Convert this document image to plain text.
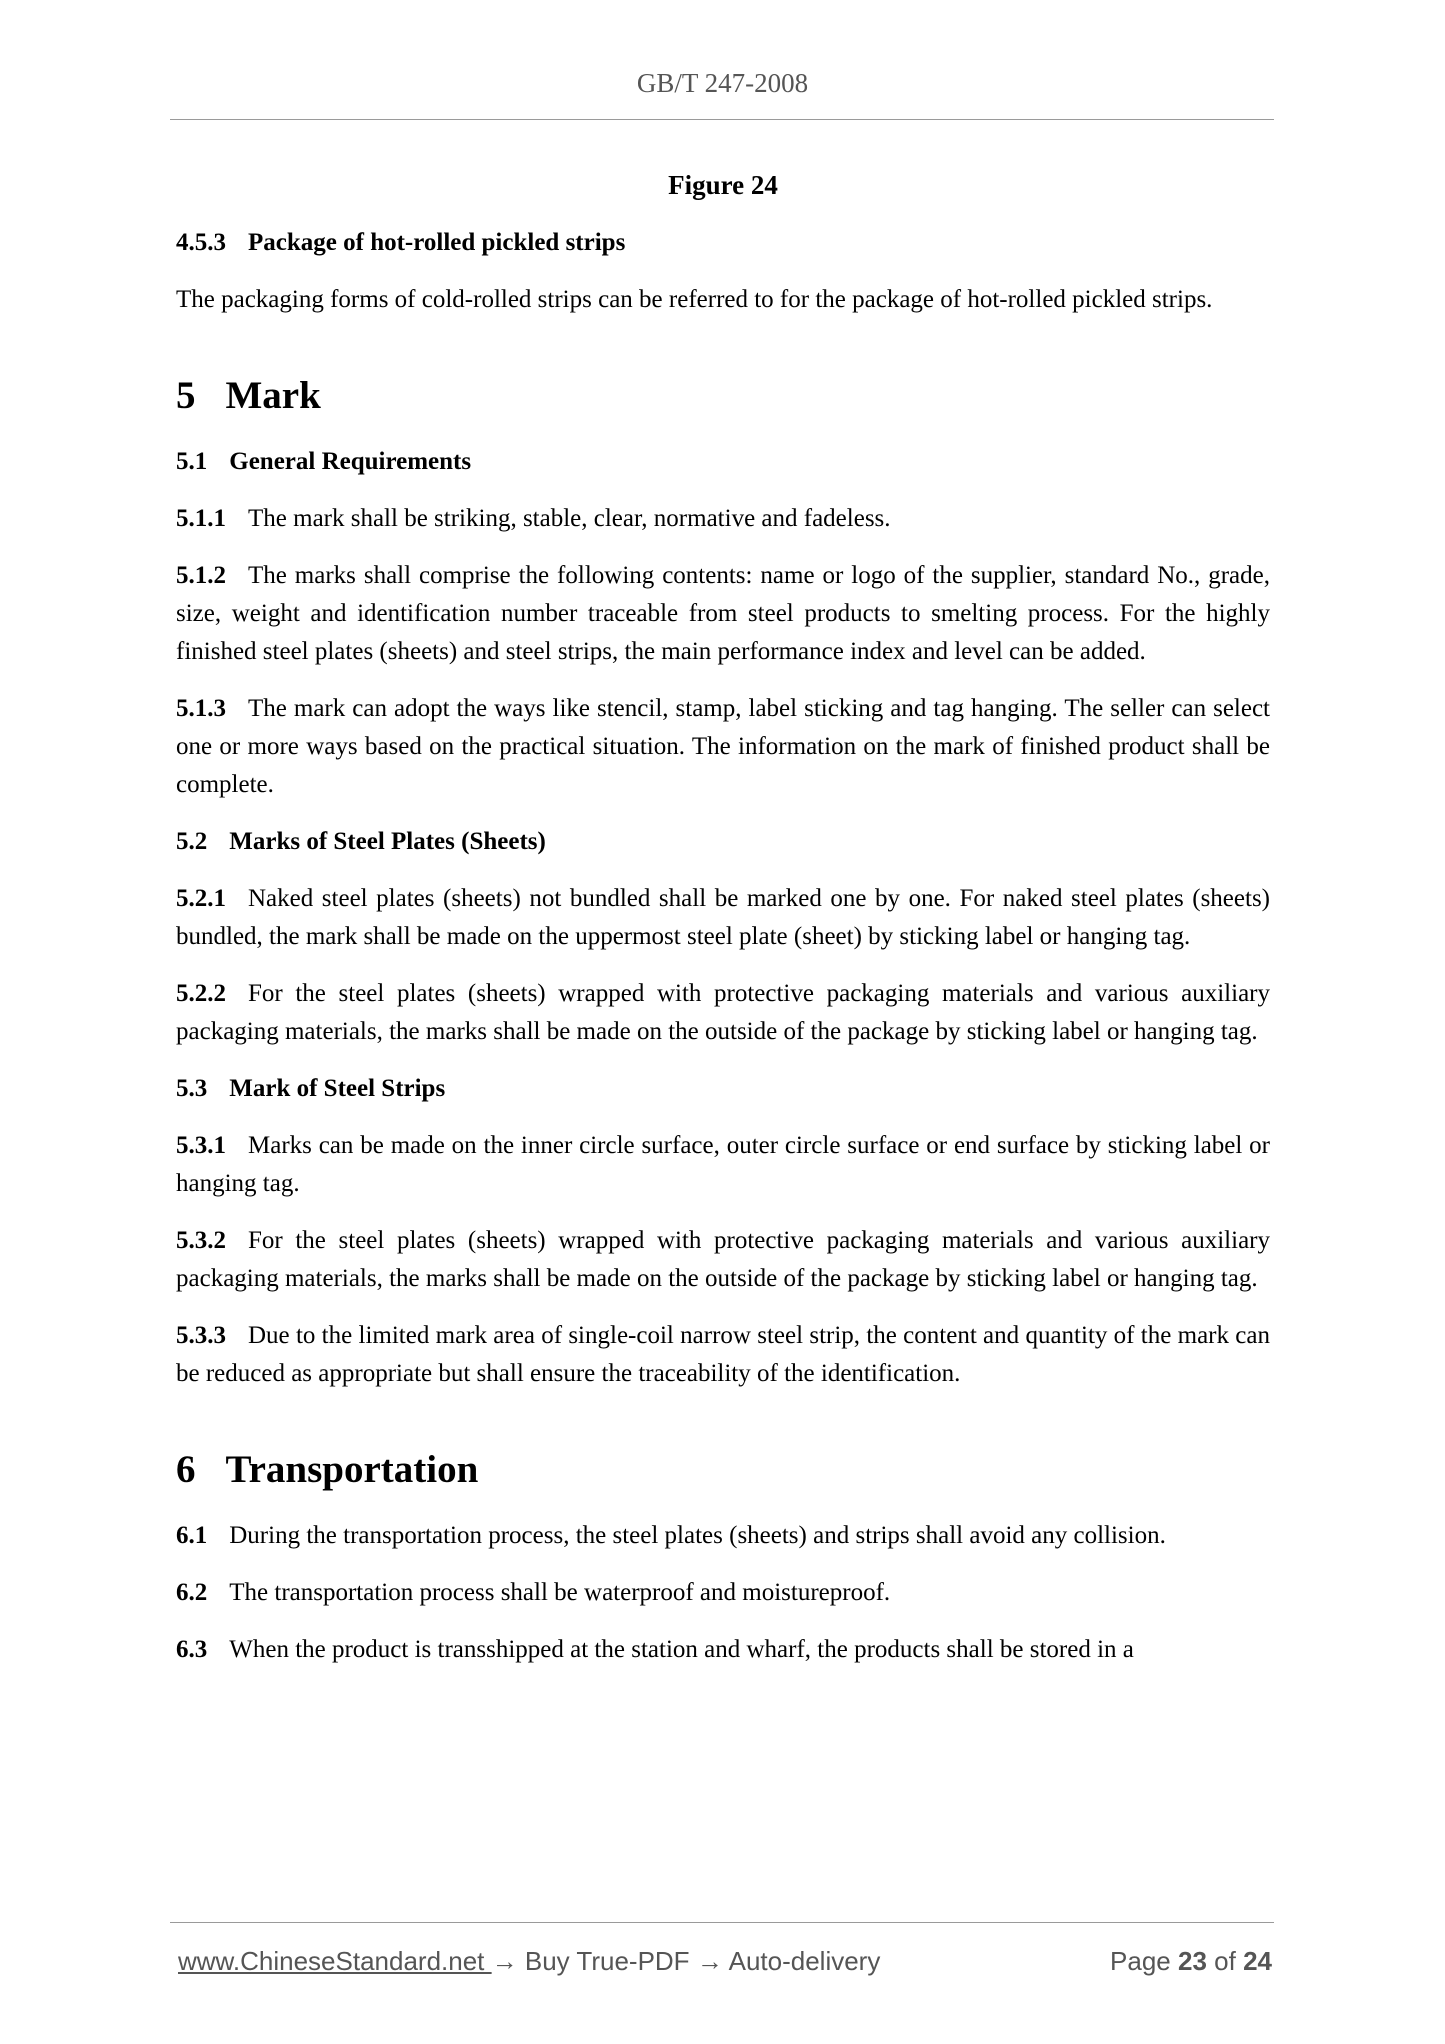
GB/T 247-2008
Figure 24
4.5.3 Package of hot-rolled pickled strips

The packaging forms of cold-rolled strips can be referred to for the package of hot-rolled pickled strips.

5 Mark
5.1 General Requirements

5.1.1 The mark shall be striking, stable, clear, normative and fadeless.

5.1.2 The marks shall comprise the following contents: name or logo of the supplier, standard No., grade, size, weight and identification number traceable from steel products to smelting process. For the highly finished steel plates (sheets) and steel strips, the main performance index and level can be added.

5.1.3 The mark can adopt the ways like stencil, stamp, label sticking and tag hanging. The seller can select one or more ways based on the practical situation. The information on the mark of finished product shall be complete.

5.2 Marks of Steel Plates (Sheets)

5.2.1 Naked steel plates (sheets) not bundled shall be marked one by one. For naked steel plates (sheets) bundled, the mark shall be made on the uppermost steel plate (sheet) by sticking label or hanging tag.

5.2.2 For the steel plates (sheets) wrapped with protective packaging materials and various auxiliary packaging materials, the marks shall be made on the outside of the package by sticking label or hanging tag.

5.3 Mark of Steel Strips

5.3.1 Marks can be made on the inner circle surface, outer circle surface or end surface by sticking label or hanging tag.

5.3.2 For the steel plates (sheets) wrapped with protective packaging materials and various auxiliary packaging materials, the marks shall be made on the outside of the package by sticking label or hanging tag.

5.3.3 Due to the limited mark area of single-coil narrow steel strip, the content and quantity of the mark can be reduced as appropriate but shall ensure the traceability of the identification.

6 Transportation

6.1 During the transportation process, the steel plates (sheets) and strips shall avoid any collision.

6.2 The transportation process shall be waterproof and moistureproof.

6.3 When the product is transshipped at the station and wharf, the products shall be stored in a

www.ChineseStandard.net → Buy True-PDF → Auto-delivery	Page 23 of 24
